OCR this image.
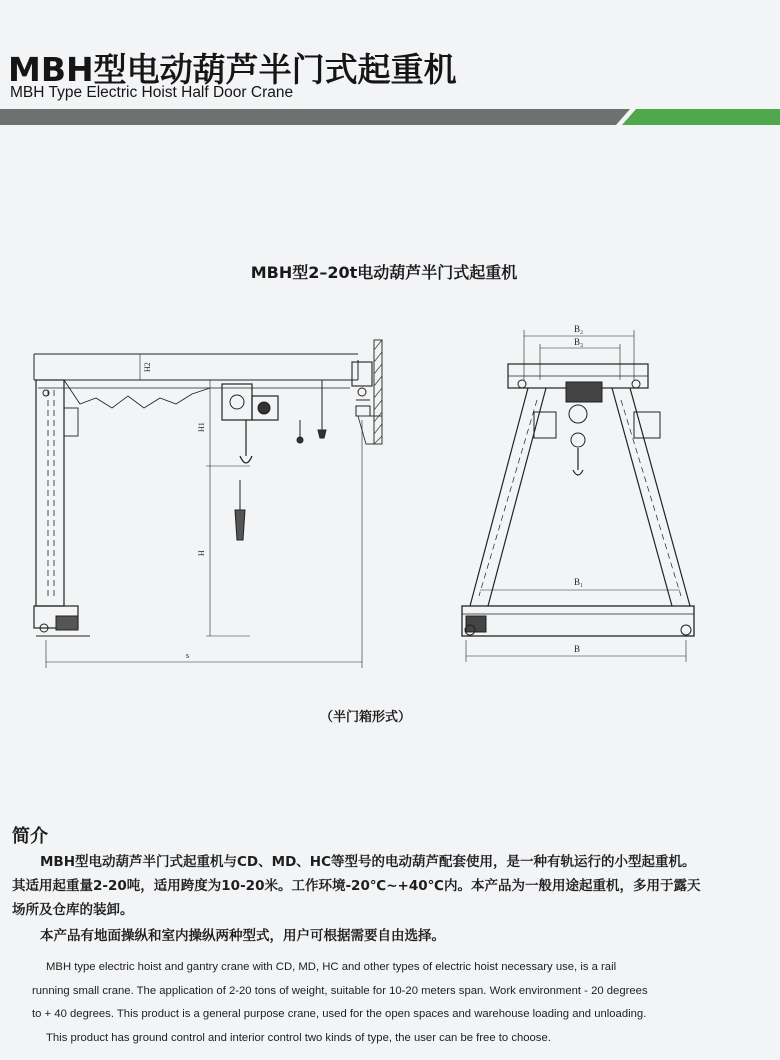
MBH型电动葫芦半门式起重机
MBH Type Electric Hoist Half Door Crane
MBH型2–20t电动葫芦半门式起重机
H2
H1
H
s
B₂
B₃
B₁
B
（半门箱形式）
简介
MBH型电动葫芦半门式起重机与CD、MD、HC等型号的电动葫芦配套使用，是一种有轨运行的小型起重机。其适用起重量2-20吨，适用跨度为10-20米。工作环境-20℃~+40℃内。本产品为一般用途起重机，多用于露天场所及仓库的装卸。
本产品有地面操纵和室内操纵两种型式，用户可根据需要自由选择。
MBH type electric hoist and gantry crane with CD, MD, HC and other types of electric hoist necessary use, is a rail
running small crane. The application of 2-20 tons of weight, suitable for 10-20 meters span. Work environment - 20 degrees
to + 40 degrees. This product is a general purpose crane, used for the open spaces and warehouse loading and unloading.
This product has ground control and interior control two kinds of type, the user can be free to choose.
